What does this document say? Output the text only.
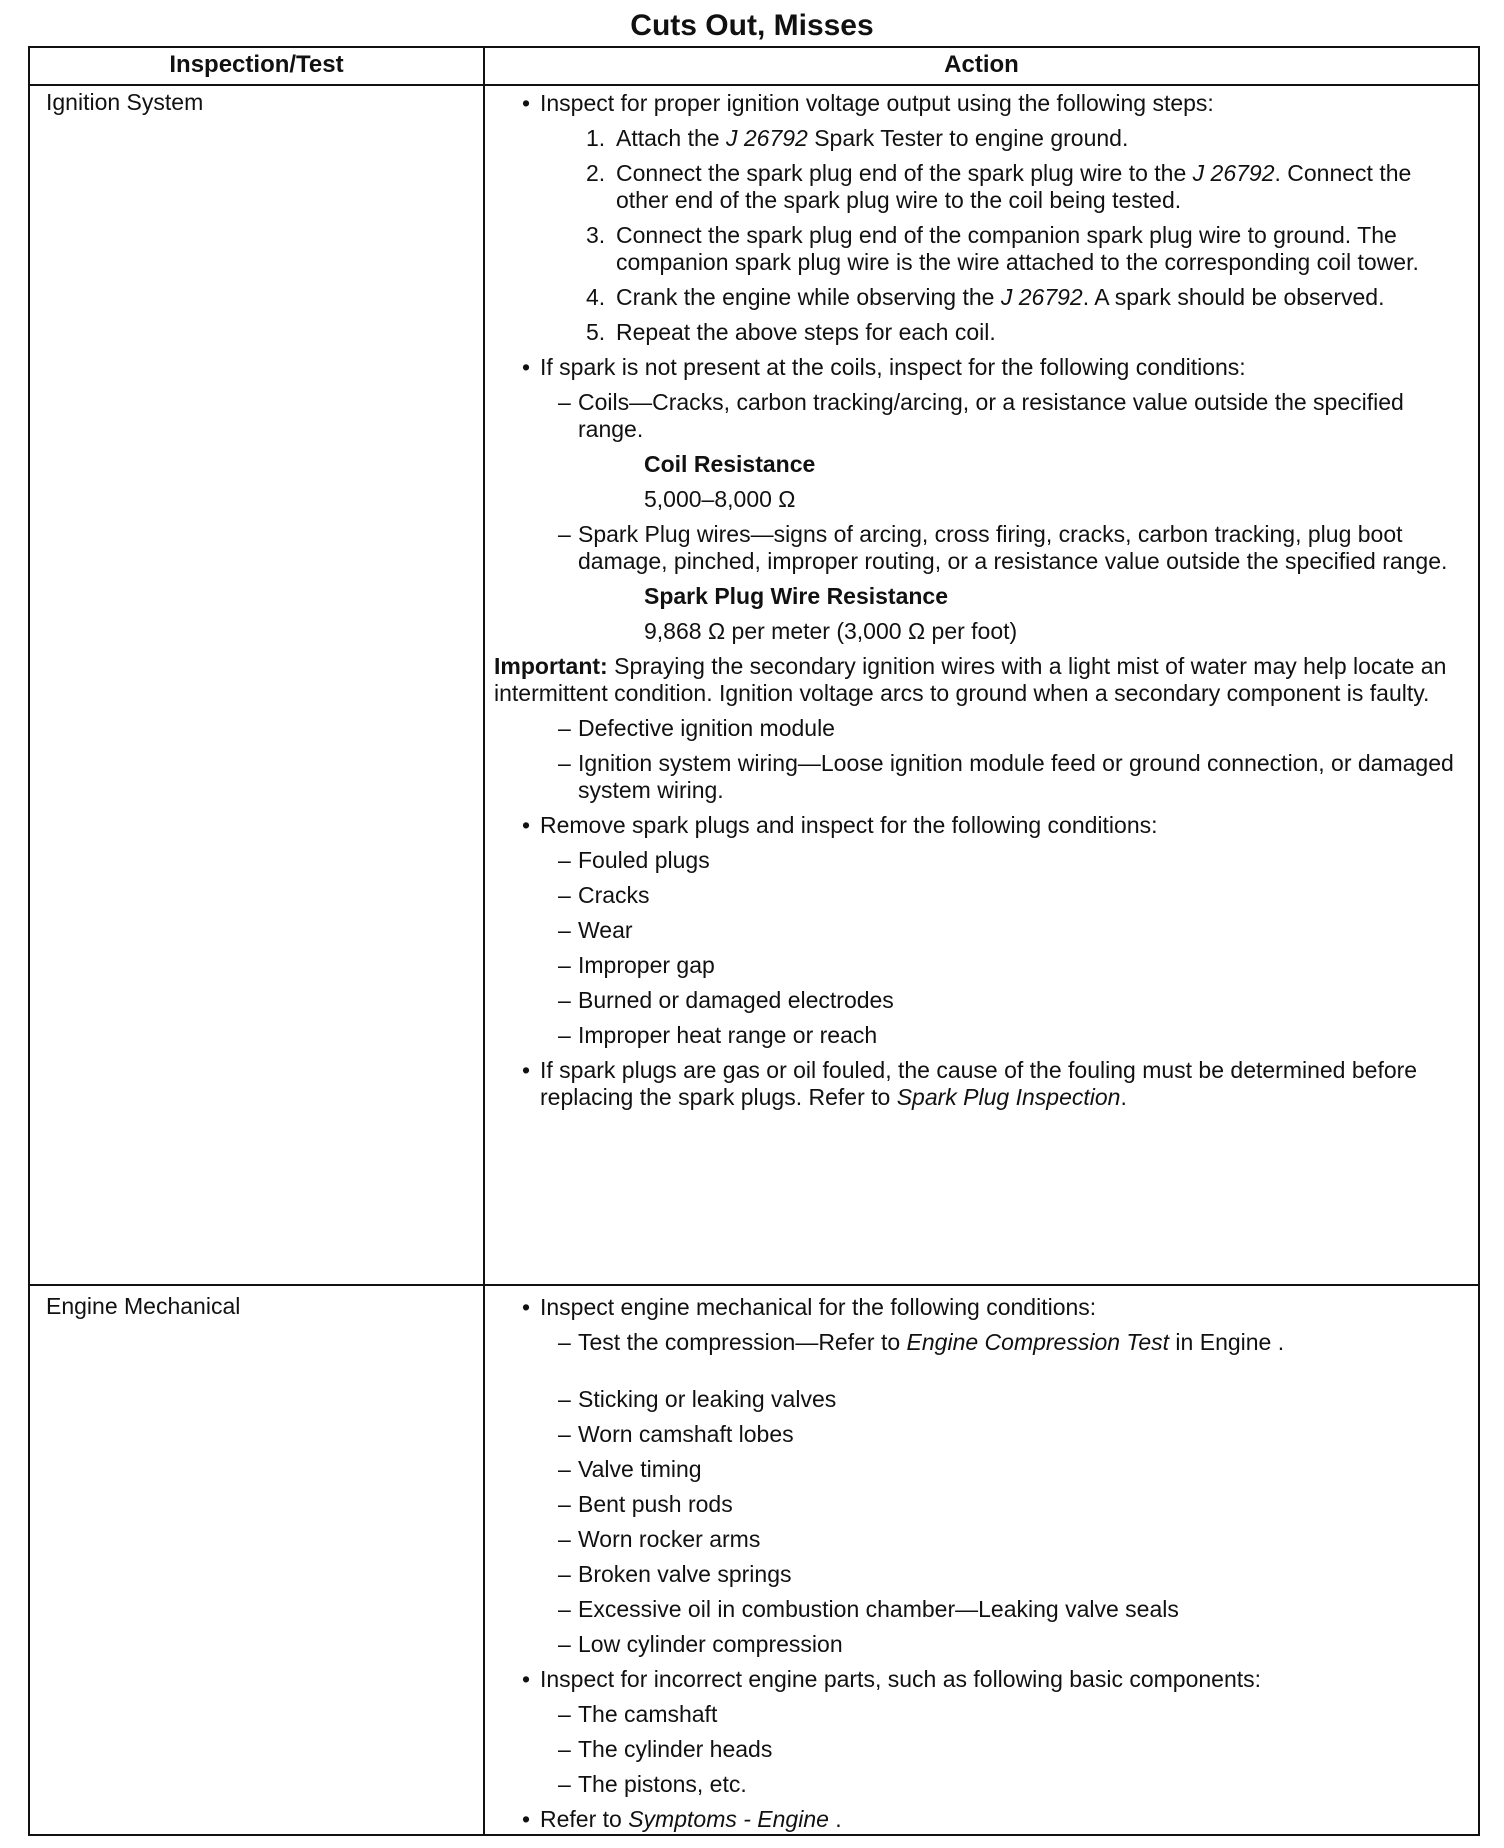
Cuts Out, Misses
Inspection/Test	Action
Ignition System	• Inspect for proper ignition voltage output using the following steps:
1. Attach the J 26792 Spark Tester to engine ground.
2. Connect the spark plug end of the spark plug wire to the J 26792. Connect the other end of the spark plug wire to the coil being tested.
3. Connect the spark plug end of the companion spark plug wire to ground. The companion spark plug wire is the wire attached to the corresponding coil tower.
4. Crank the engine while observing the J 26792. A spark should be observed.
5. Repeat the above steps for each coil.
• If spark is not present at the coils, inspect for the following conditions:
– Coils—Cracks, carbon tracking/arcing, or a resistance value outside the specified range.
Coil Resistance
5,000–8,000 Ω
– Spark Plug wires—signs of arcing, cross firing, cracks, carbon tracking, plug boot damage, pinched, improper routing, or a resistance value outside the specified range.
Spark Plug Wire Resistance
9,868 Ω per meter (3,000 Ω per foot)
Important: Spraying the secondary ignition wires with a light mist of water may help locate an intermittent condition. Ignition voltage arcs to ground when a secondary component is faulty.
– Defective ignition module
– Ignition system wiring—Loose ignition module feed or ground connection, or damaged system wiring.
• Remove spark plugs and inspect for the following conditions:
– Fouled plugs
– Cracks
– Wear
– Improper gap
– Burned or damaged electrodes
– Improper heat range or reach
• If spark plugs are gas or oil fouled, the cause of the fouling must be determined before replacing the spark plugs. Refer to Spark Plug Inspection.
Engine Mechanical	• Inspect engine mechanical for the following conditions:
– Test the compression—Refer to Engine Compression Test in Engine .
– Sticking or leaking valves
– Worn camshaft lobes
– Valve timing
– Bent push rods
– Worn rocker arms
– Broken valve springs
– Excessive oil in combustion chamber—Leaking valve seals
– Low cylinder compression
• Inspect for incorrect engine parts, such as following basic components:
– The camshaft
– The cylinder heads
– The pistons, etc.
• Refer to Symptoms - Engine .
